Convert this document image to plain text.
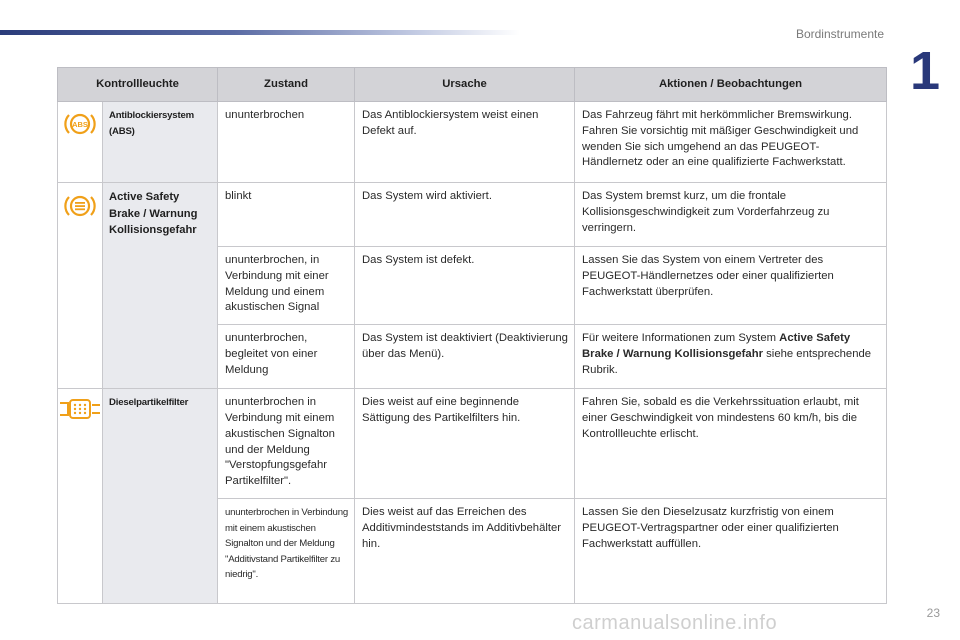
Bordinstrumente
1
Kontrollleuchte		Zustand	Ursache	Aktionen / Beobachtungen

ABS	Antiblockiersystem (ABS)	ununterbrochen	Das Antiblockiersystem weist einen Defekt auf.	Das Fahrzeug fährt mit herkömmlicher Bremswirkung. Fahren Sie vorsichtig mit mäßiger Geschwindigkeit und wenden Sie sich umgehend an das PEUGEOT-Händlernetz oder an eine qualifizierte Fachwerkstatt.
	Active Safety Brake / Warnung Kollisionsgefahr	blinkt	Das System wird aktiviert.	Das System bremst kurz, um die frontale Kollisionsgeschwindigkeit zum Vorderfahrzeug zu verringern.
		ununterbrochen, in Verbindung mit einer Meldung und einem akustischen Signal	Das System ist defekt.	Lassen Sie das System von einem Vertreter des PEUGEOT-Händlernetzes oder einer qualifizierten Fachwerkstatt überprüfen.
		ununterbrochen, begleitet von einer Meldung	Das System ist deaktiviert (Deaktivierung über das Menü).	Für weitere Informationen zum System Active Safety Brake / Warnung Kollisionsgefahr siehe entsprechende Rubrik.
	Dieselpartikelfilter	ununterbrochen in Verbindung mit einem akustischen Signalton und der Meldung "Verstopfungsgefahr Partikelfilter".	Dies weist auf eine beginnende Sättigung des Partikelfilters hin.	Fahren Sie, sobald es die Verkehrssituation erlaubt, mit einer Geschwindigkeit von mindestens 60 km/h, bis die Kontrollleuchte erlischt.
		ununterbrochen in Verbindung mit einem akustischen Signalton und der Meldung "Additivstand Partikelfilter zu niedrig".	Dies weist auf das Erreichen des Additivmindeststands im Additivbehälter hin.	Lassen Sie den Dieselzusatz kurzfristig von einem PEUGEOT-Vertragspartner oder einer qualifizierten Fachwerkstatt auffüllen.
carmanualsonline.info	23
